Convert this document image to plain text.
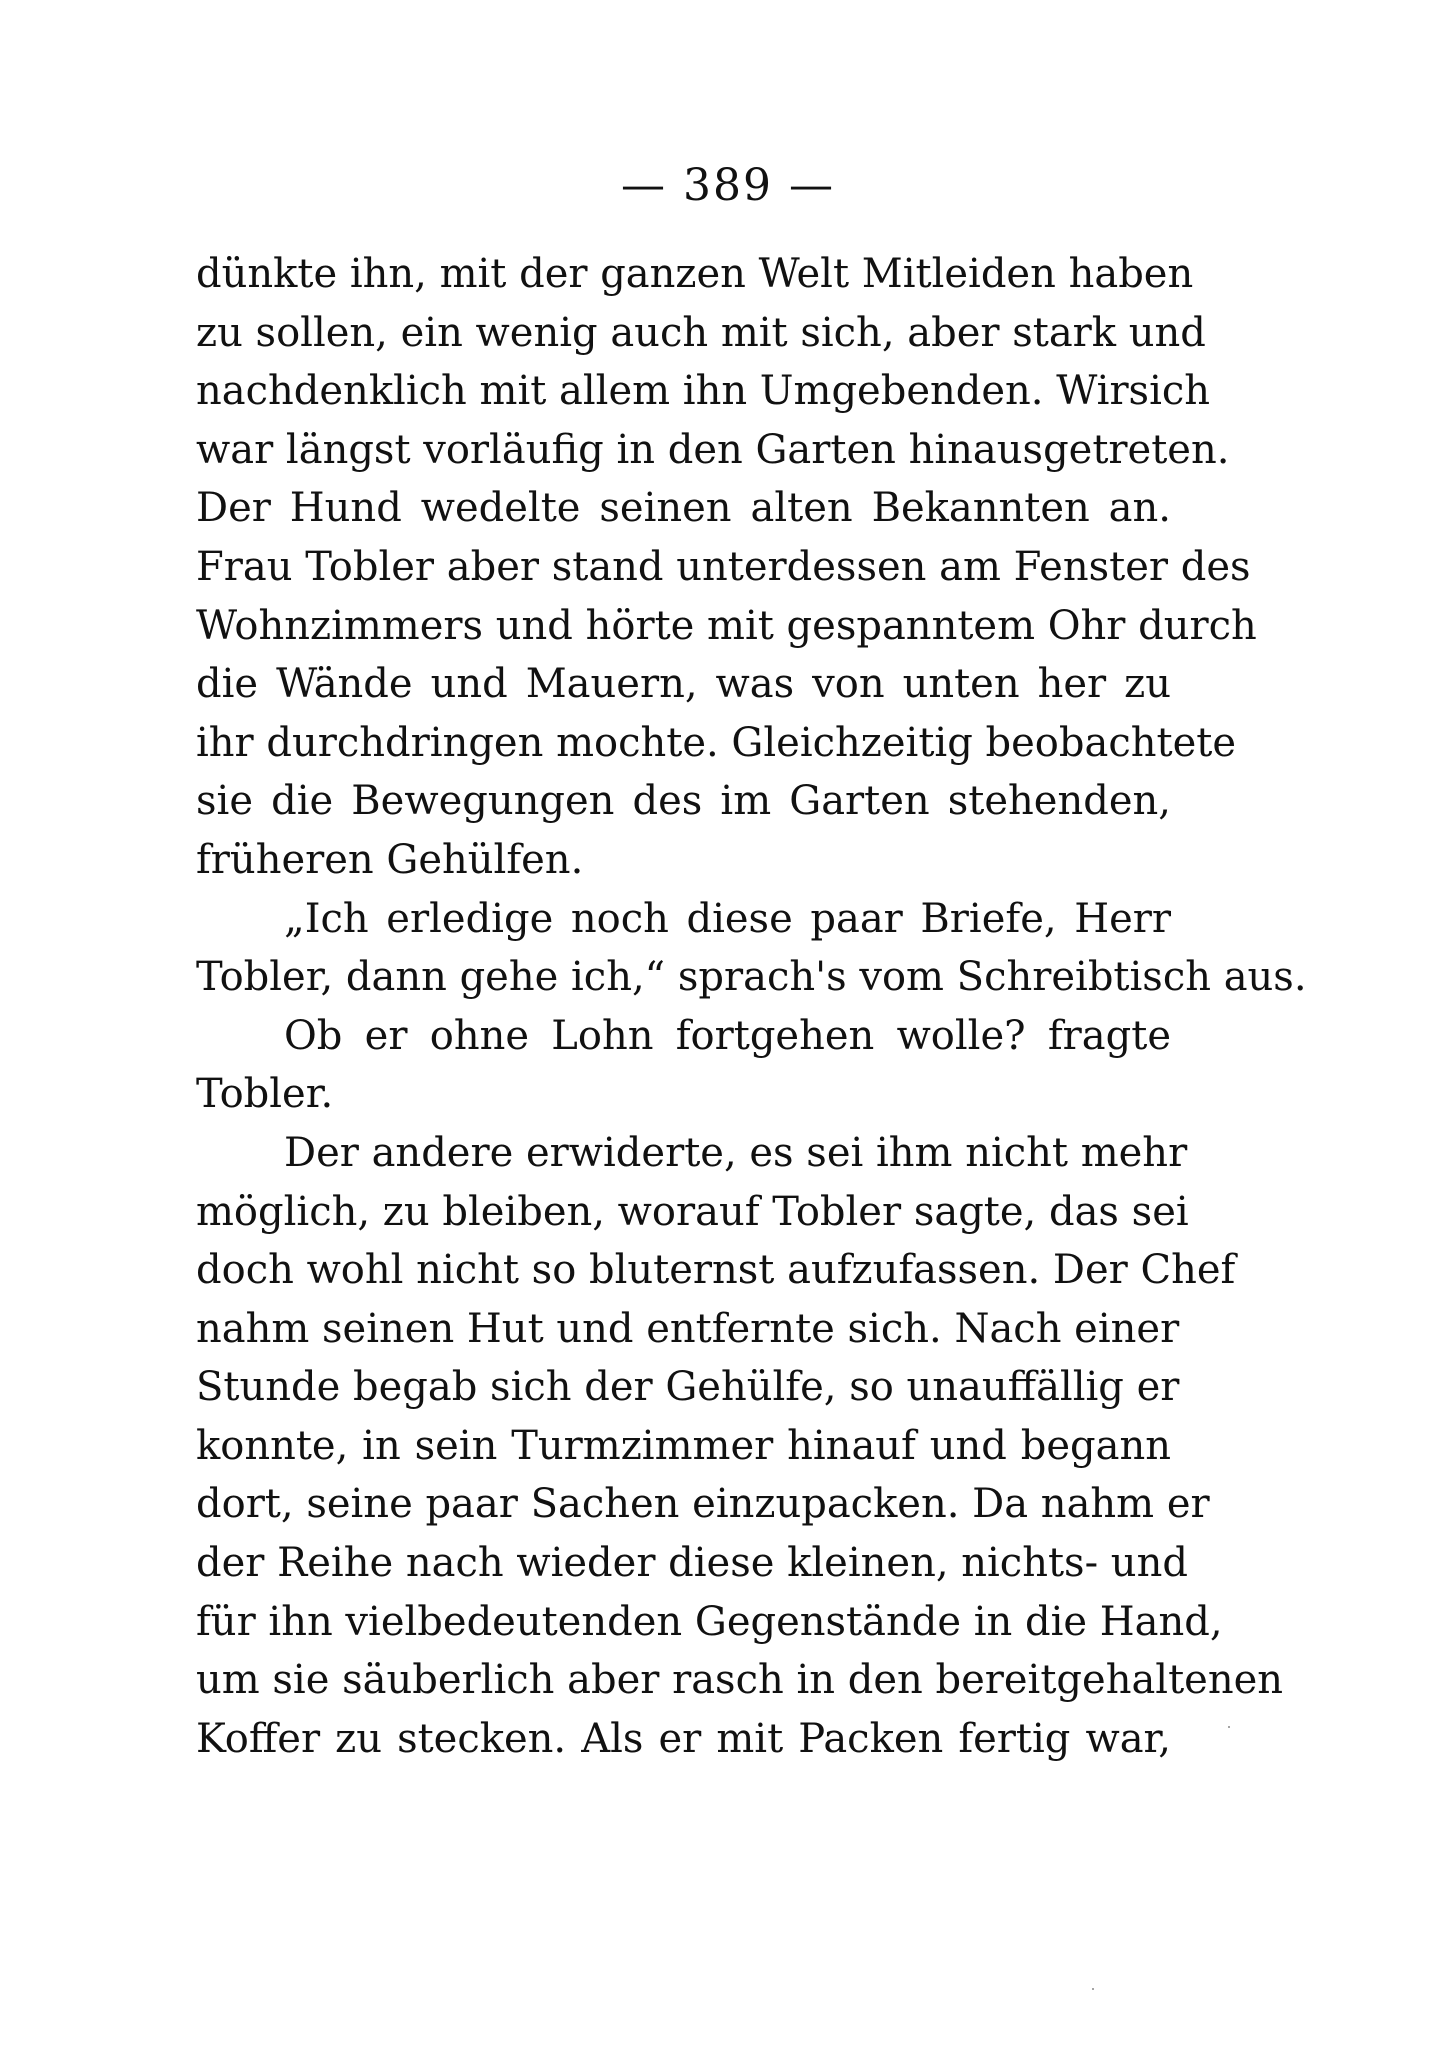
— 389 —
dünkte ihn, mit der ganzen Welt Mitleiden haben
zu sollen, ein wenig auch mit sich, aber stark und
nachdenklich mit allem ihn Umgebenden. Wirsich
war längst vorläufig in den Garten hinausgetreten.
Der Hund wedelte seinen alten Bekannten an.
Frau Tobler aber stand unterdessen am Fenster des
Wohnzimmers und hörte mit gespanntem Ohr durch
die Wände und Mauern, was von unten her zu
ihr durchdringen mochte. Gleichzeitig beobachtete
sie die Bewegungen des im Garten stehenden,
früheren Gehülfen.
„Ich erledige noch diese paar Briefe, Herr
Tobler, dann gehe ich,“ sprach's vom Schreibtisch aus.
Ob er ohne Lohn fortgehen wolle? fragte
Tobler.
Der andere erwiderte, es sei ihm nicht mehr
möglich, zu bleiben, worauf Tobler sagte, das sei
doch wohl nicht so bluternst aufzufassen. Der Chef
nahm seinen Hut und entfernte sich. Nach einer
Stunde begab sich der Gehülfe, so unauffällig er
konnte, in sein Turmzimmer hinauf und begann
dort, seine paar Sachen einzupacken. Da nahm er
der Reihe nach wieder diese kleinen, nichts- und
für ihn vielbedeutenden Gegenstände in die Hand,
um sie säuberlich aber rasch in den bereitgehaltenen
Koffer zu stecken. Als er mit Packen fertig war,
